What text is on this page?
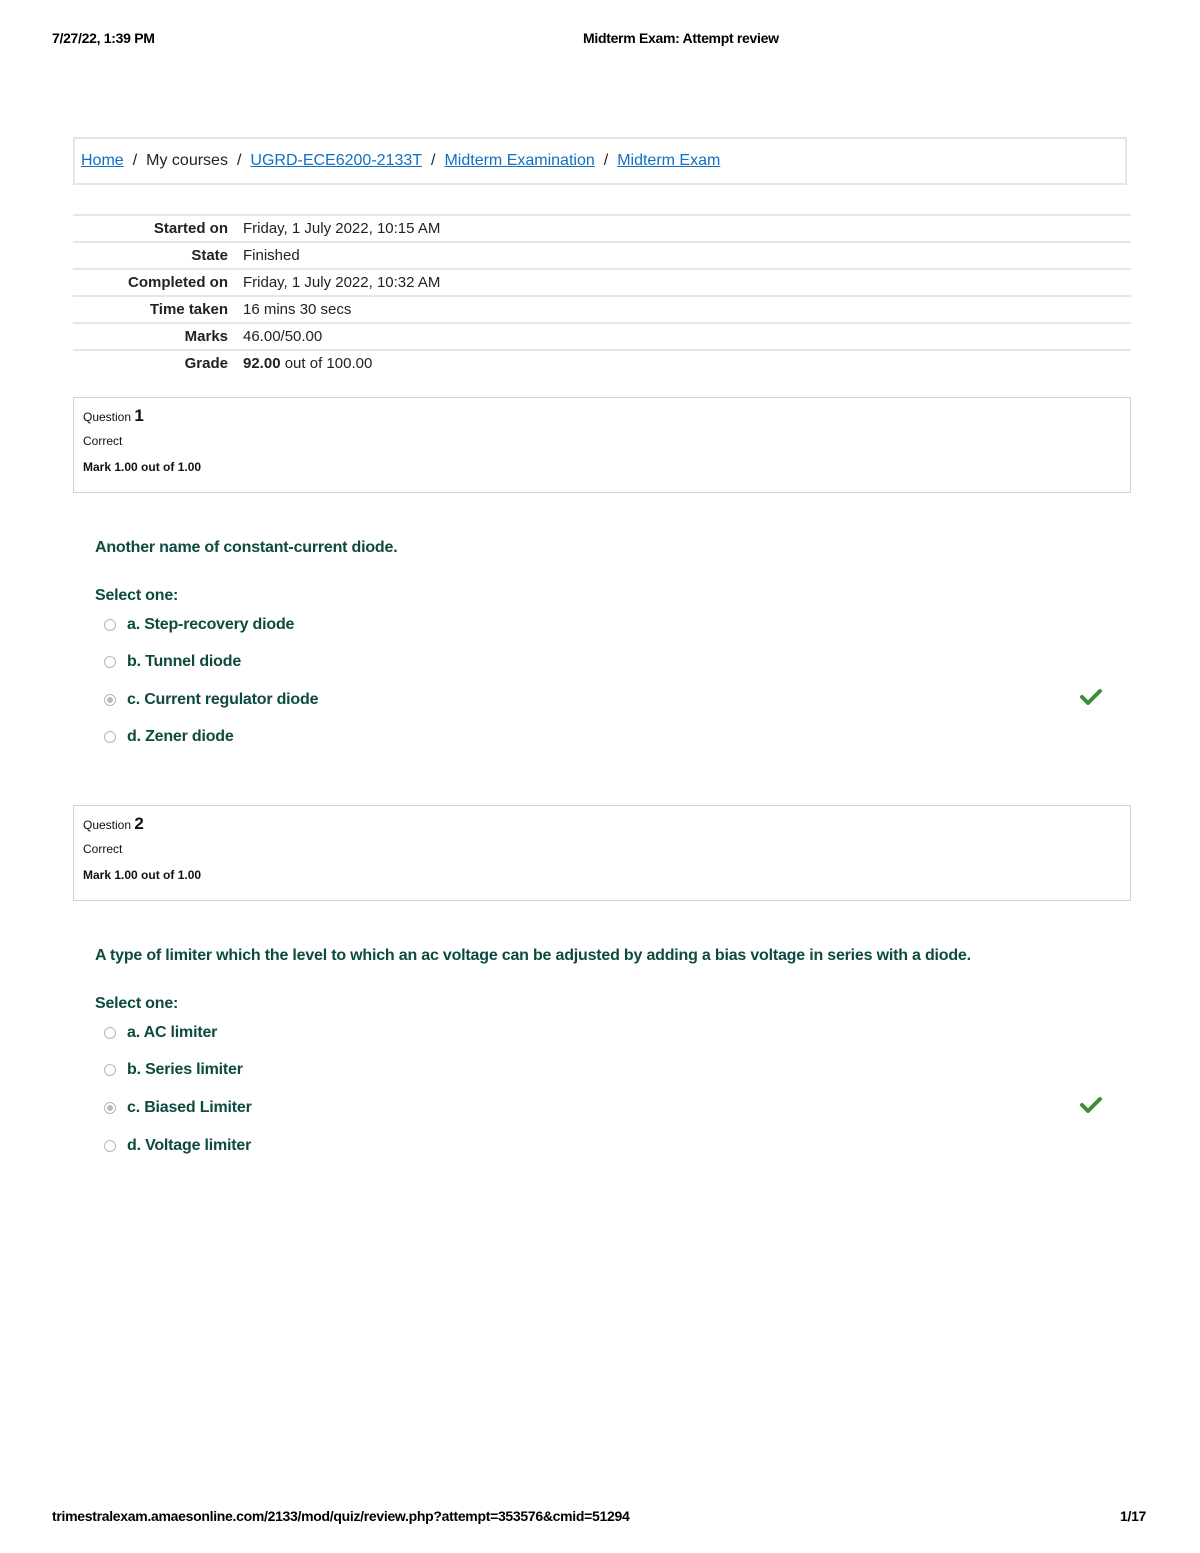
7/27/22, 1:39 PM	Midterm Exam: Attempt review
Home / My courses / UGRD-ECE6200-2133T / Midterm Examination / Midterm Exam
Started on	Friday, 1 July 2022, 10:15 AM
State	Finished
Completed on	Friday, 1 July 2022, 10:32 AM
Time taken	16 mins 30 secs
Marks	46.00/50.00
Grade	92.00 out of 100.00
Question 1
Correct
Mark 1.00 out of 1.00
Another name of constant-current diode.
Select one:
a. Step-recovery diode
b. Tunnel diode
c. Current regulator diode
d. Zener diode
Question 2
Correct
Mark 1.00 out of 1.00
A type of limiter which the level to which an ac voltage can be adjusted by adding a bias voltage in series with a diode.
Select one:
a. AC limiter
b. Series limiter
c. Biased Limiter
d. Voltage limiter
trimestralexam.amaesonline.com/2133/mod/quiz/review.php?attempt=353576&cmid=51294	1/17
